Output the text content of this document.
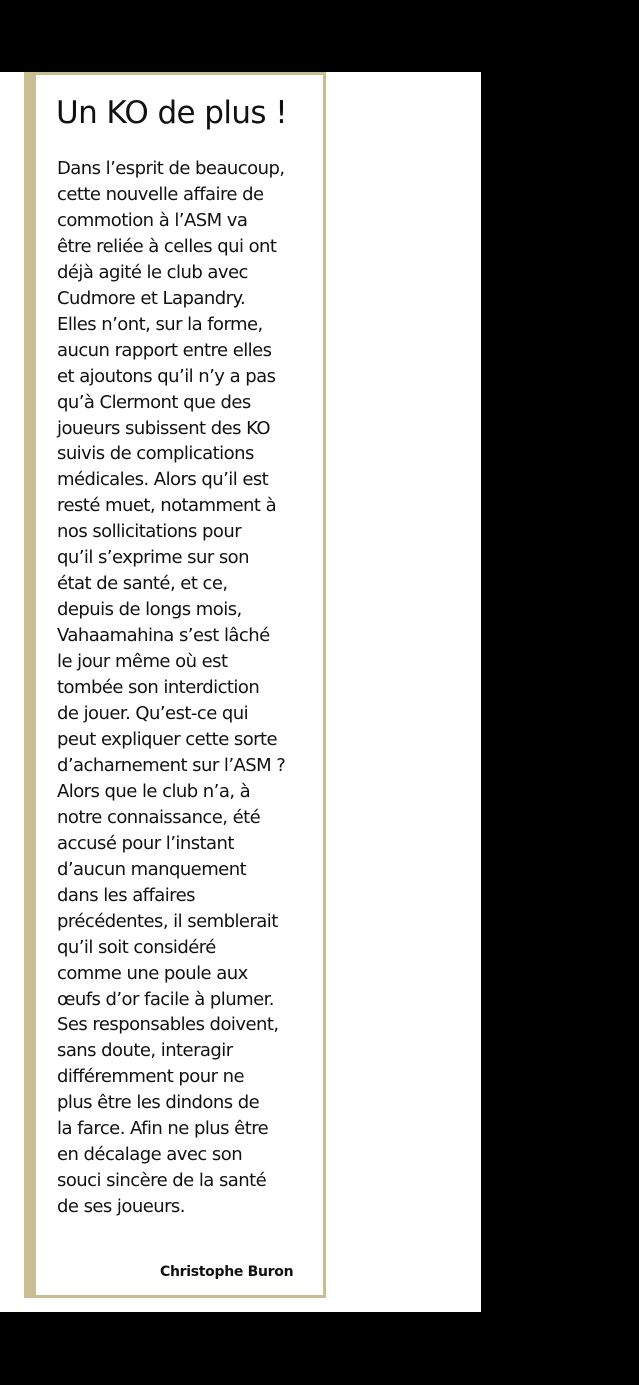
Un KO de plus !
Dans l’esprit de beaucoup,
cette nouvelle affaire de
commotion à l’ASM va
être reliée à celles qui ont
déjà agité le club avec
Cudmore et Lapandry.
Elles n’ont, sur la forme,
aucun rapport entre elles
et ajoutons qu’il n’y a pas
qu’à Clermont que des
joueurs subissent des KO
suivis de complications
médicales. Alors qu’il est
resté muet, notamment à
nos sollicitations pour
qu’il s’exprime sur son
état de santé, et ce,
depuis de longs mois,
Vahaamahina s’est lâché
le jour même où est
tombée son interdiction
de jouer. Qu’est-ce qui
peut expliquer cette sorte
d’acharnement sur l’ASM ?
Alors que le club n’a, à
notre connaissance, été
accusé pour l’instant
d’aucun manquement
dans les affaires
précédentes, il semblerait
qu’il soit considéré
comme une poule aux
œufs d’or facile à plumer.
Ses responsables doivent,
sans doute, interagir
différemment pour ne
plus être les dindons de
la farce. Afin ne plus être
en décalage avec son
souci sincère de la santé
de ses joueurs.
Christophe Buron
